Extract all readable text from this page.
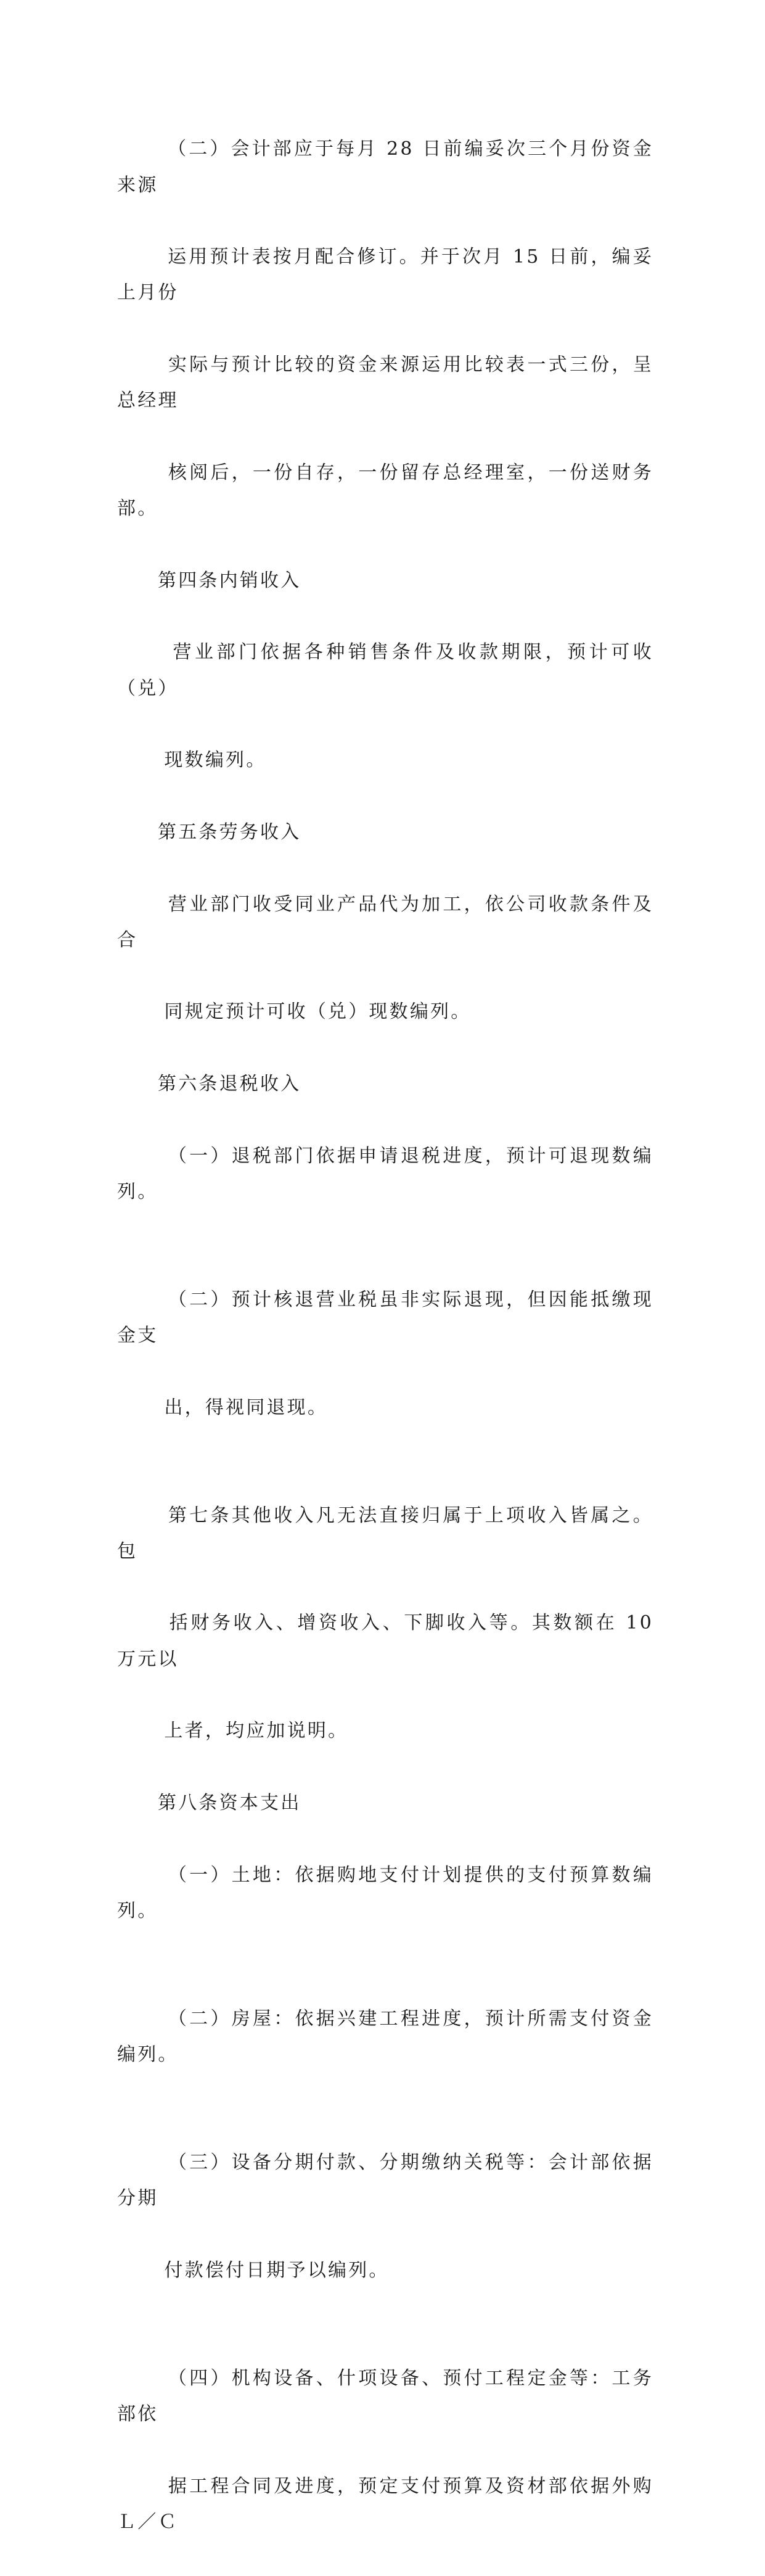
（二）会计部应于每月 28 日前编妥次三个月份资金来源

运用预计表按月配合修订。并于次月 15 日前，编妥上月份

实际与预计比较的资金来源运用比较表一式三份，呈总经理

核阅后，一份自存，一份留存总经理室，一份送财务部。

第四条内销收入

营业部门依据各种销售条件及收款期限，预计可收（兑）

现数编列。

第五条劳务收入

营业部门收受同业产品代为加工，依公司收款条件及合

同规定预计可收（兑）现数编列。

第六条退税收入

（一）退税部门依据申请退税进度，预计可退现数编列。

（二）预计核退营业税虽非实际退现，但因能抵缴现金支

出，得视同退现。

第七条其他收入凡无法直接归属于上项收入皆属之。包

括财务收入、增资收入、下脚收入等。其数额在 10 万元以

上者，均应加说明。

第八条资本支出

（一）土地：依据购地支付计划提供的支付预算数编列。

（二）房屋：依据兴建工程进度，预计所需支付资金编列。

（三）设备分期付款、分期缴纳关税等：会计部依据分期

付款偿付日期予以编列。

（四）机构设备、什项设备、预付工程定金等：工务部依

据工程合同及进度，预定支付预算及资材部依据外购Ｌ／Ｃ
